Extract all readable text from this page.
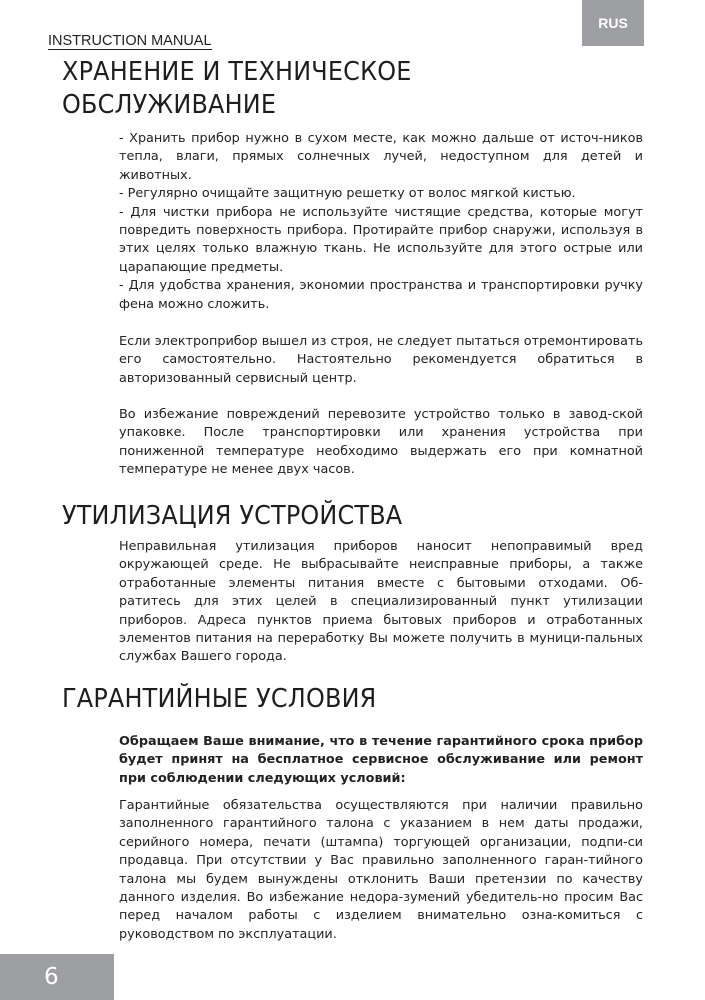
RUS
INSTRUCTION MANUAL
ХРАНЕНИЕ И ТЕХНИЧЕСКОЕ
ОБСЛУЖИВАНИЕ

- Хранить прибор нужно в сухом месте, как можно дальше от источ-ников тепла, влаги, прямых солнечных лучей, недоступном для детей и животных.

- Регулярно очищайте защитную решетку от волос мягкой кистью.

- Для чистки прибора не используйте чистящие средства, которые могут повредить поверхность прибора. Протирайте прибор снаружи, используя в этих целях только влажную ткань. Не используйте для этого острые или царапающие предметы.

- Для удобства хранения, экономии пространства и транспортировки ручку фена можно сложить.

Если электроприбор вышел из строя, не следует пытаться отремонтировать его самостоятельно. Настоятельно рекомендуется обратиться в авторизованный сервисный центр.

Во избежание повреждений перевозите устройство только в завод-ской упаковке. После транспортировки или хранения устройства при пониженной температуре необходимо выдержать его при комнатной температуре не менее двух часов.

УТИЛИЗАЦИЯ УСТРОЙСТВА

Неправильная утилизация приборов наносит непоправимый вред окружающей среде. Не выбрасывайте неисправные приборы, а также отработанные элементы питания вместе с бытовыми отходами. Об-ратитесь для этих целей в специализированный пункт утилизации приборов. Адреса пунктов приема бытовых приборов и отработанных элементов питания на переработку Вы можете получить в муници-пальных службах Вашего города.

ГАРАНТИЙНЫЕ УСЛОВИЯ

Обращаем Ваше внимание, что в течение гарантийного срока прибор будет принят на бесплатное сервисное обслуживание или ремонт при соблюдении следующих условий:

Гарантийные обязательства осуществляются при наличии правильно заполненного гарантийного талона с указанием в нем даты продажи, серийного номера, печати (штампа) торгующей организации, подпи-си продавца. При отсутствии у Вас правильно заполненного гаран-тийного талона мы будем вынуждены отклонить Ваши претензии по качеству данного изделия. Во избежание недора-зумений убедитель-но просим Вас перед началом работы с изделием внимательно озна-комиться с руководством по эксплуатации.

6
